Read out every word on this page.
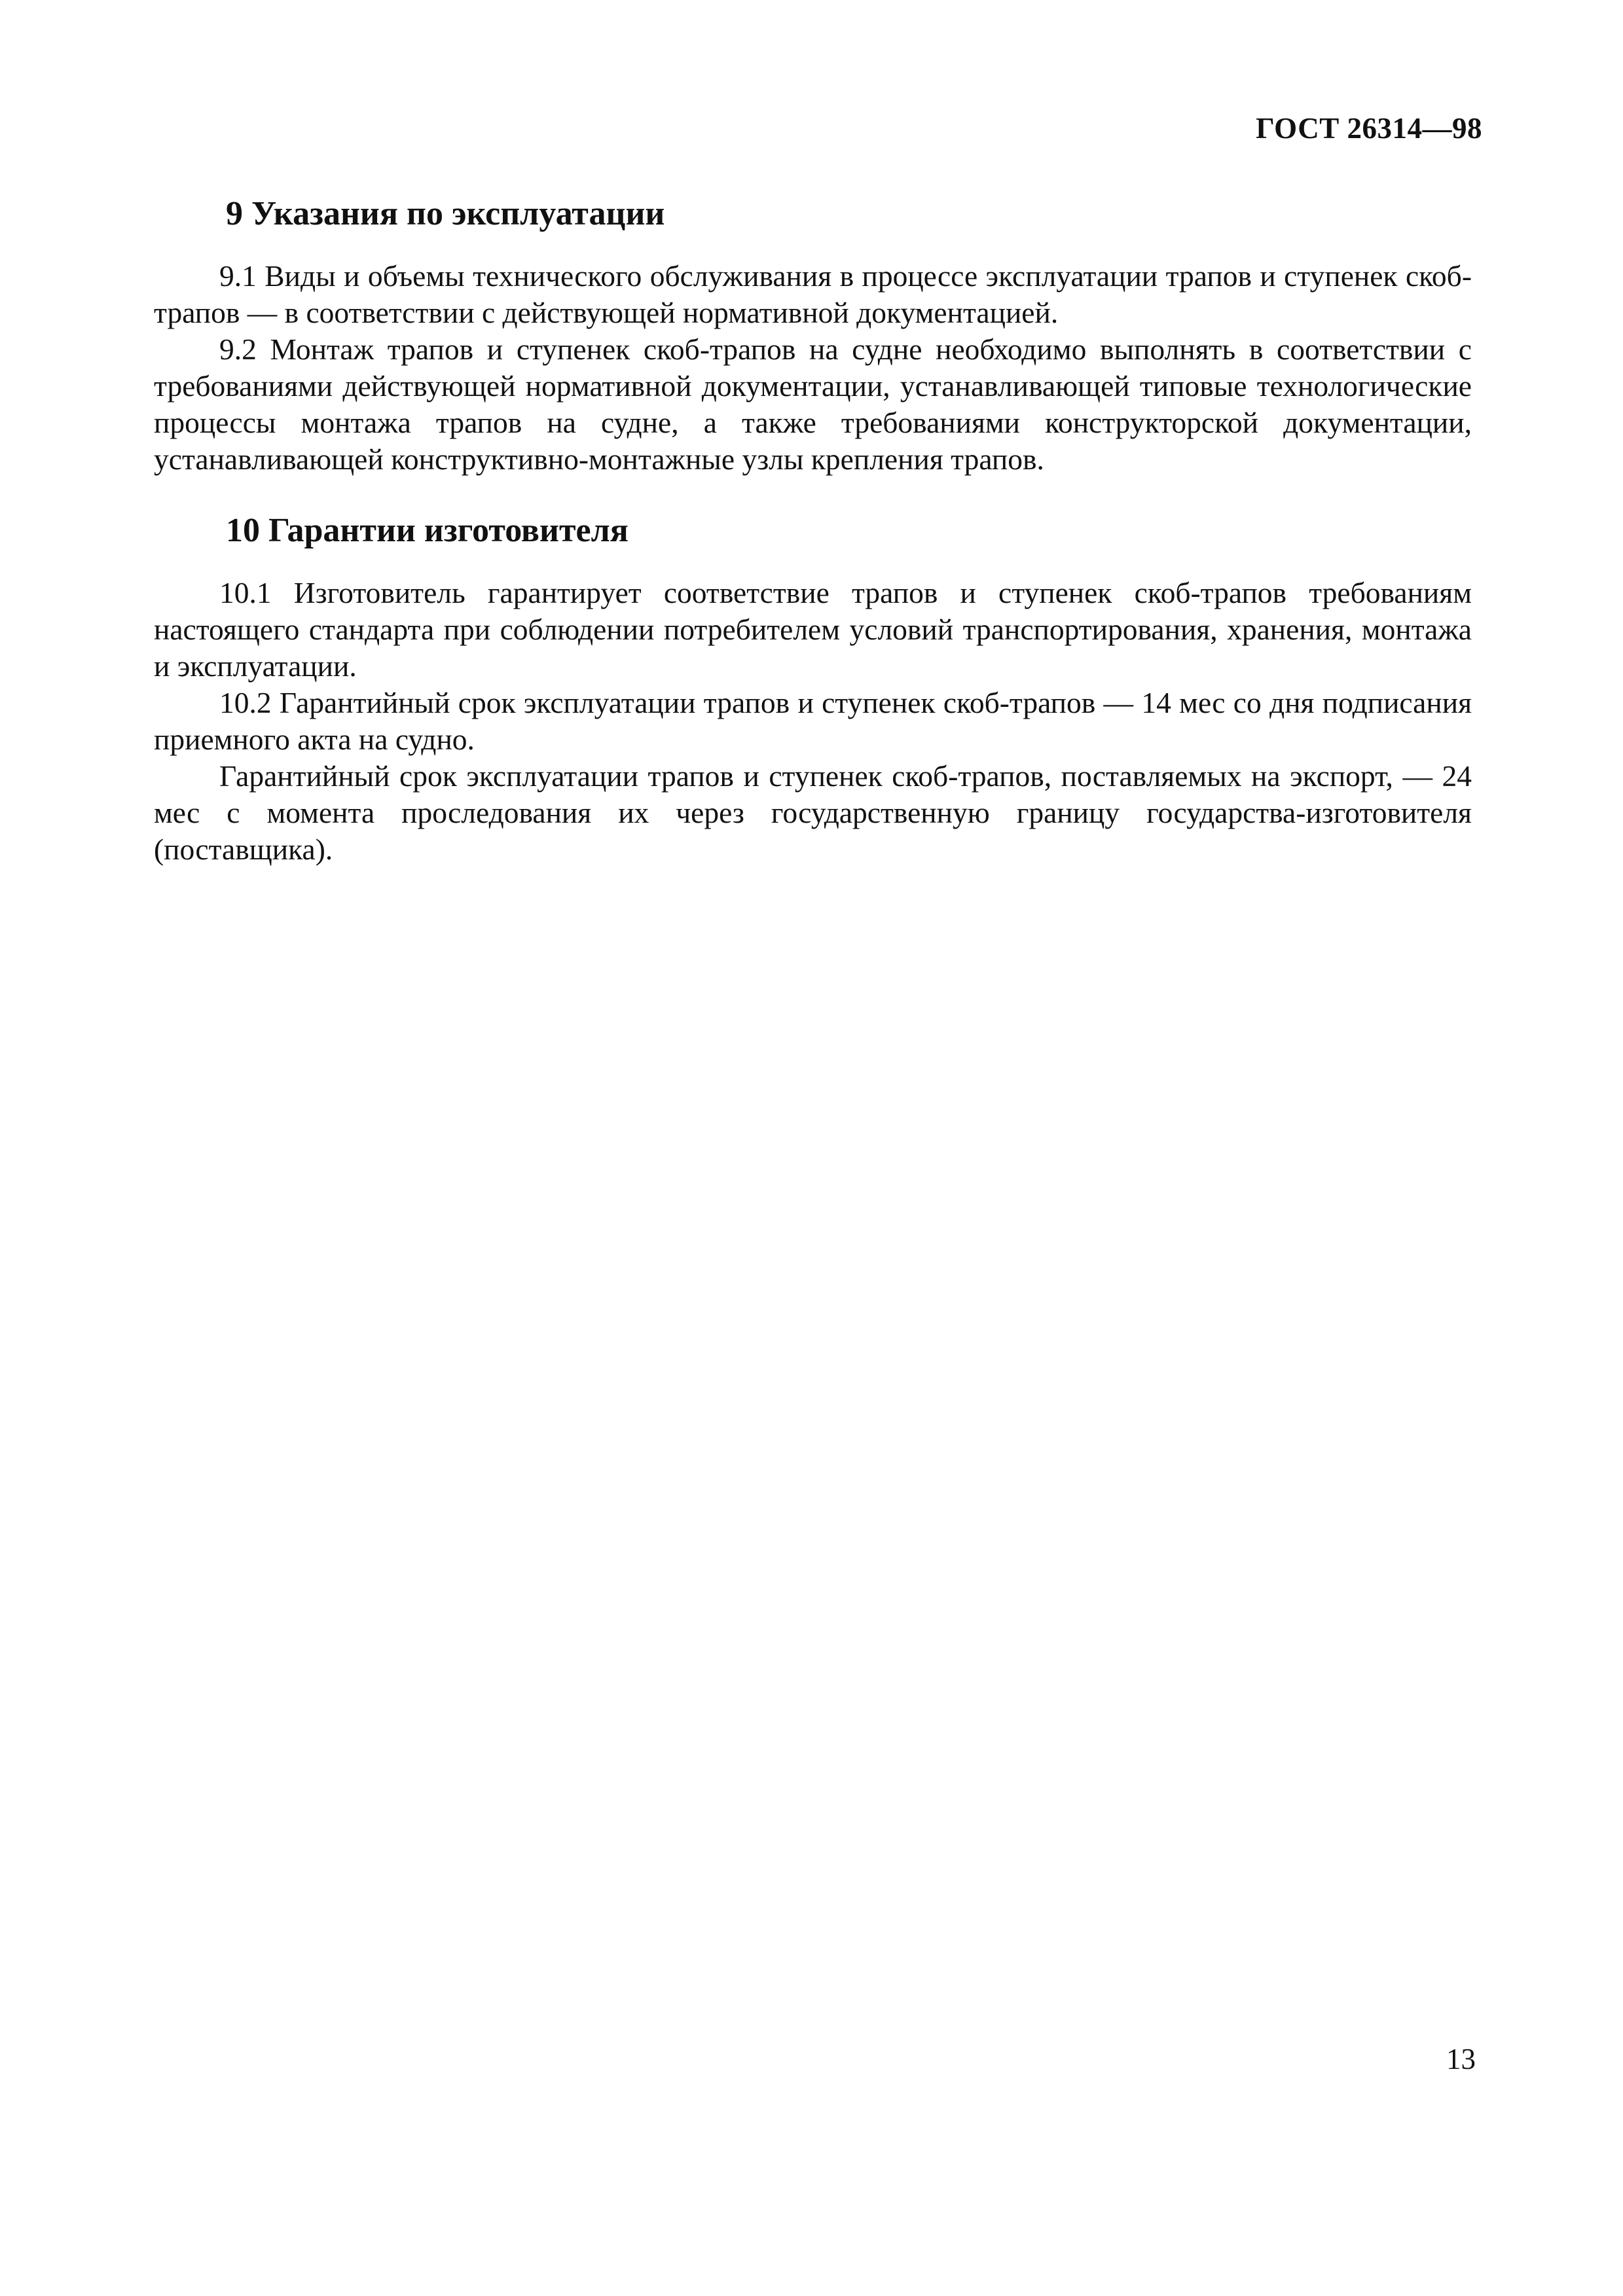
ГОСТ 26314—98
9 Указания по эксплуатации

9.1 Виды и объемы технического обслуживания в процессе эксплуатации трапов и ступенек скоб-трапов — в соответствии с действующей нормативной документацией.

9.2 Монтаж трапов и ступенек скоб-трапов на судне необходимо выполнять в соответствии с требованиями действующей нормативной документации, устанавливающей типовые технологические процессы монтажа трапов на судне, а также требованиями конструкторской документации, устанавливающей конструктивно-монтажные узлы крепления трапов.

10 Гарантии изготовителя

10.1 Изготовитель гарантирует соответствие трапов и ступенек скоб-трапов требованиям настоящего стандарта при соблюдении потребителем условий транспортирования, хранения, монтажа и эксплуатации.

10.2 Гарантийный срок эксплуатации трапов и ступенек скоб-трапов — 14 мес со дня подписания приемного акта на судно.

Гарантийный срок эксплуатации трапов и ступенек скоб-трапов, поставляемых на экспорт, — 24 мес с момента проследования их через государственную границу государства-изготовителя (поставщика).

13
